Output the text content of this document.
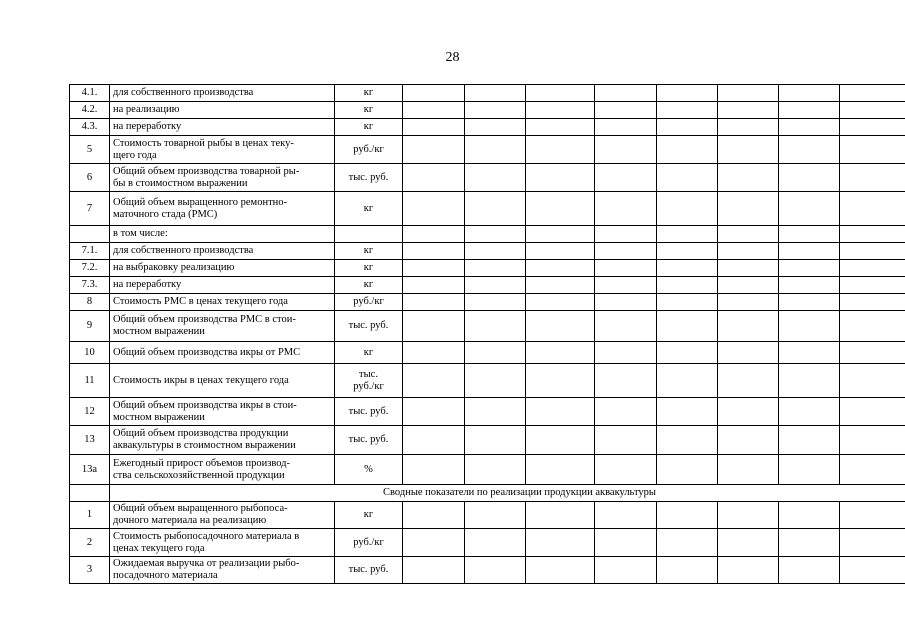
28
4.1.	для собственного производства	кг								
4.2.	на реализацию	кг								
4.3.	на переработку	кг								
5	Стоимость товарной рыбы в ценах теку-
щего года	руб./кг								
6	Общий объем производства товарной ры-
бы в стоимостном выражении	тыс. руб.								
7	Общий объем выращенного ремонтно-
маточного стада (РМС)	кг								
	в том числе:									
7.1.	для собственного производства	кг								
7.2.	на выбраковку реализацию	кг								
7.3.	на переработку	кг								
8	Стоимость РМС в ценах текущего года	руб./кг								
9	Общий объем производства РМС в стои-
мостном выражении	тыс. руб.								
10	Общий объем производства икры от РМС	кг								
11	Стоимость икры в ценах текущего года	тыс.
руб./кг								
12	Общий объем производства икры в стои-
мостном выражении	тыс. руб.								
13	Общий объем производства продукции
аквакультуры в стоимостном выражении	тыс. руб.								
13а	Ежегодный прирост объемов производ-
ства сельскохозяйственной продукции	%								
	Сводные показатели по реализации продукции аквакультуры									
1	Общий объем выращенного рыбопоса-
дочного материала на реализацию	кг								
2	Стоимость рыбопосадочного материала в
ценах текущего года	руб./кг								
3	Ожидаемая выручка от реализации рыбо-
посадочного материала	тыс. руб.								
